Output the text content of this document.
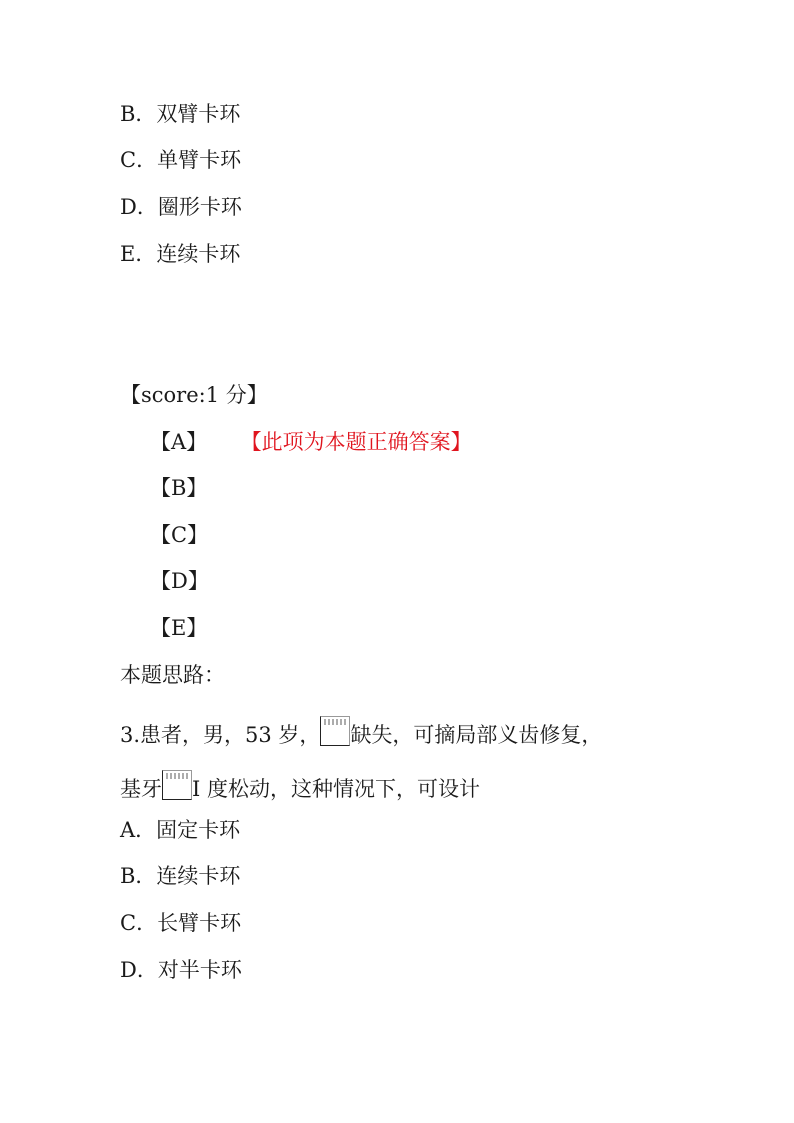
B．双臂卡环
C．单臂卡环
D．圈形卡环
E．连续卡环
【score:1 分】
【A】 【此项为本题正确答案】
【B】
【C】
【D】
【E】
本题思路：
3.患者，男，53 岁， 缺失，可摘局部义齿修复，
基牙 I 度松动，这种情况下，可设计
A．固定卡环
B．连续卡环
C．长臂卡环
D．对半卡环
